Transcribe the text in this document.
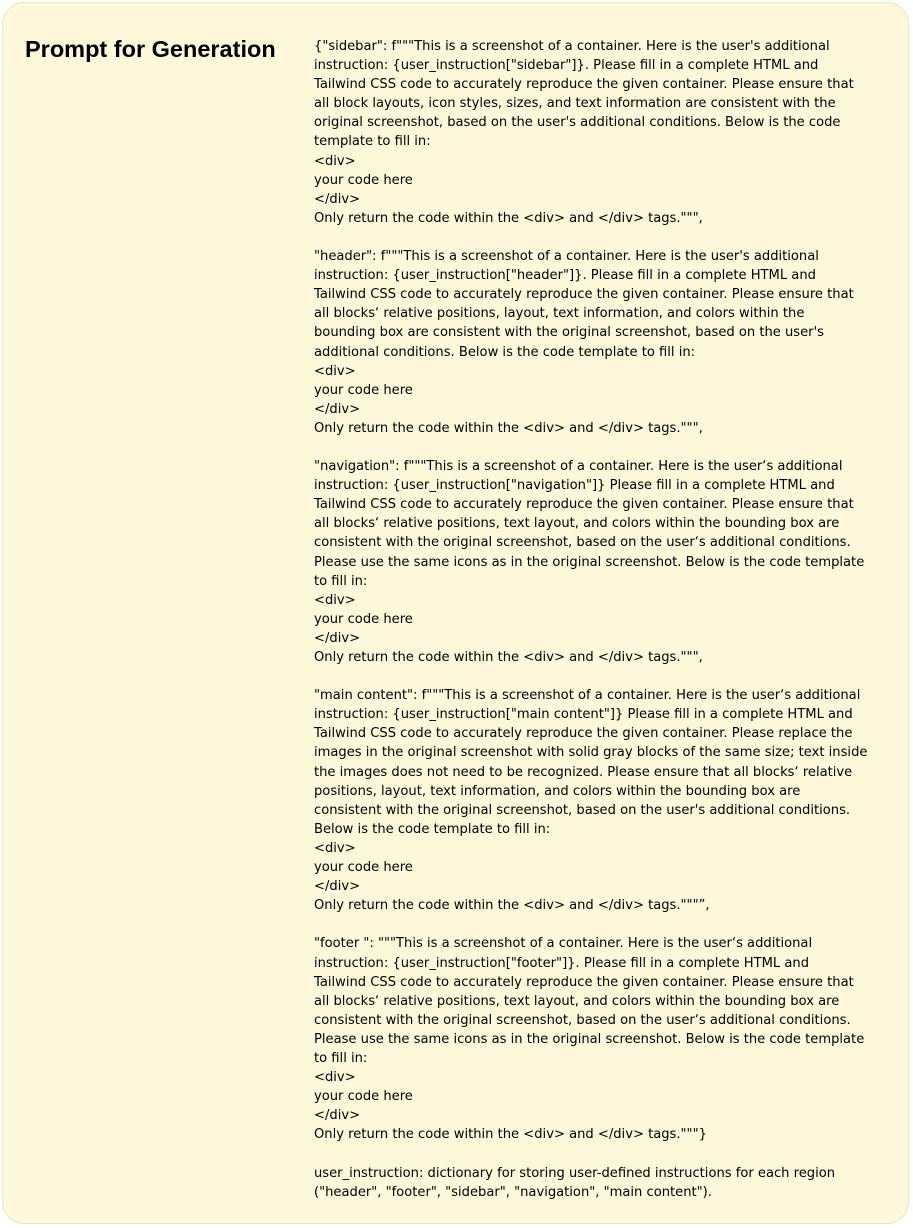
Prompt for Generation	{"sidebar": f"""This is a screenshot of a container. Here is the user's additional
instruction: {user_instruction["sidebar"]}. Please fill in a complete HTML and
Tailwind CSS code to accurately reproduce the given container. Please ensure that
all block layouts, icon styles, sizes, and text information are consistent with the
original screenshot, based on the user's additional conditions. Below is the code
template to fill in:
<div>
your code here
</div>
Only return the code within the <div> and </div> tags.""",
"header": f"""This is a screenshot of a container. Here is the user's additional
instruction: {user_instruction["header"]}. Please fill in a complete HTML and
Tailwind CSS code to accurately reproduce the given container. Please ensure that
all blocks‘ relative positions, layout, text information, and colors within the
bounding box are consistent with the original screenshot, based on the user's
additional conditions. Below is the code template to fill in:
<div>
your code here
</div>
Only return the code within the <div> and </div> tags.""",
"navigation": f"""This is a screenshot of a container. Here is the user‘s additional
instruction: {user_instruction["navigation"]} Please fill in a complete HTML and
Tailwind CSS code to accurately reproduce the given container. Please ensure that
all blocks‘ relative positions, text layout, and colors within the bounding box are
consistent with the original screenshot, based on the user‘s additional conditions.
Please use the same icons as in the original screenshot. Below is the code template
to fill in:
<div>
your code here
</div>
Only return the code within the <div> and </div> tags.""",
"main content": f"""This is a screenshot of a container. Here is the user‘s additional
instruction: {user_instruction["main content"]} Please fill in a complete HTML and
Tailwind CSS code to accurately reproduce the given container. Please replace the
images in the original screenshot with solid gray blocks of the same size; text inside
the images does not need to be recognized. Please ensure that all blocks‘ relative
positions, layout, text information, and colors within the bounding box are
consistent with the original screenshot, based on the user's additional conditions.
Below is the code template to fill in:
<div>
your code here
</div>
Only return the code within the <div> and </div> tags."""”,
"footer ": """This is a screenshot of a container. Here is the user‘s additional
instruction: {user_instruction["footer"]}. Please fill in a complete HTML and
Tailwind CSS code to accurately reproduce the given container. Please ensure that
all blocks‘ relative positions, text layout, and colors within the bounding box are
consistent with the original screenshot, based on the user‘s additional conditions.
Please use the same icons as in the original screenshot. Below is the code template
to fill in:
<div>
your code here
</div>
Only return the code within the <div> and </div> tags."""}
user_instruction: dictionary for storing user-defined instructions for each region
("header", "footer", "sidebar", "navigation", "main content").
